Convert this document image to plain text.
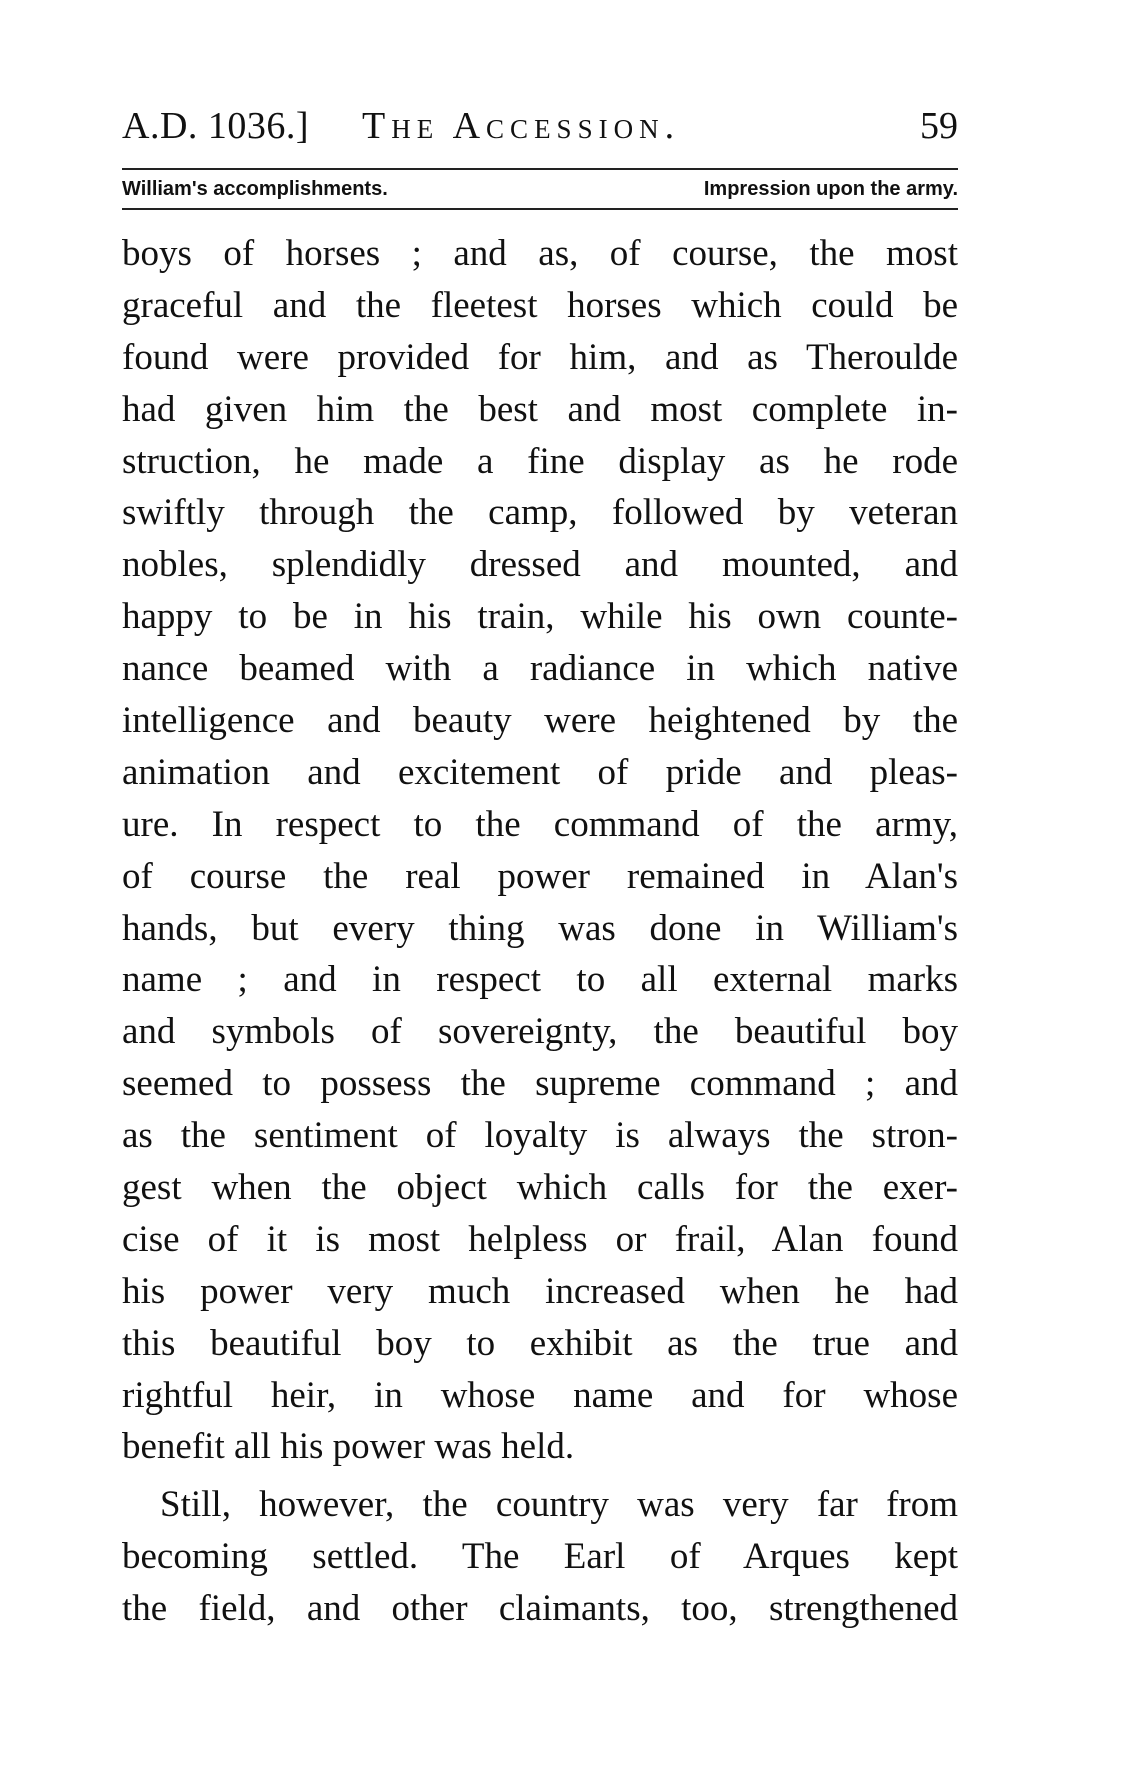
A.D. 1036.] The Accession.	59
William's accomplishments.	Impression upon the army.
boys of horses ; and as, of course, the most
graceful and the fleetest horses which could be
found were provided for him, and as Theroulde
had given him the best and most complete in-
struction, he made a fine display as he rode
swiftly through the camp, followed by veteran
nobles, splendidly dressed and mounted, and
happy to be in his train, while his own counte-
nance beamed with a radiance in which native
intelligence and beauty were heightened by the
animation and excitement of pride and pleas-
ure. In respect to the command of the army,
of course the real power remained in Alan's
hands, but every thing was done in William's
name ; and in respect to all external marks
and symbols of sovereignty, the beautiful boy
seemed to possess the supreme command ; and
as the sentiment of loyalty is always the stron-
gest when the object which calls for the exer-
cise of it is most helpless or frail, Alan found
his power very much increased when he had
this beautiful boy to exhibit as the true and
rightful heir, in whose name and for whose
benefit all his power was held.
Still, however, the country was very far from
becoming settled. The Earl of Arques kept
the field, and other claimants, too, strengthened
